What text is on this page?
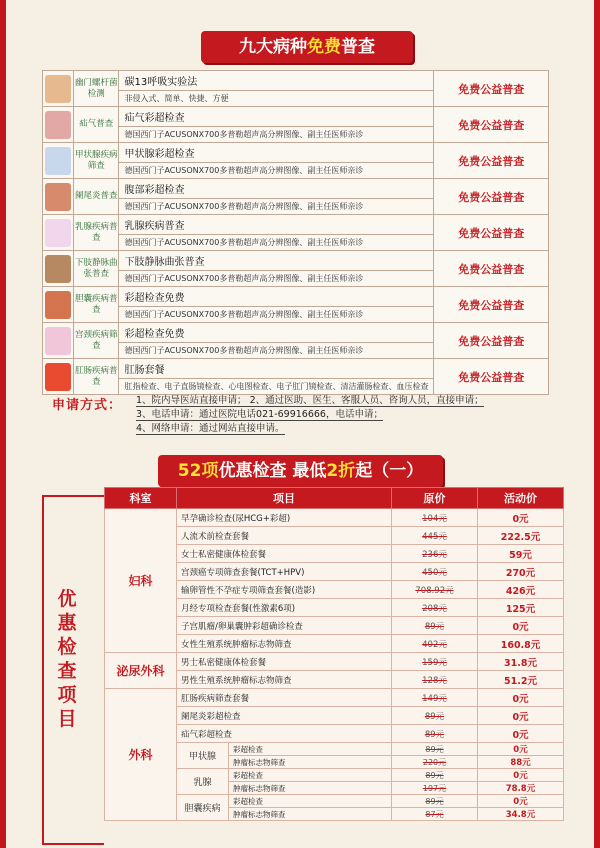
九大病种免费普查
	幽门螺杆菌检测	碳13呼吸实验法	免费公益普查
		非侵入式、简单、快捷、方便	

	疝气普查	疝气彩超检查	免费公益普查
		德国西门子ACUSONX700多普勒超声高分辨图像、副主任医师亲诊	

	甲状腺疾病筛查	甲状腺彩超检查	免费公益普查
		德国西门子ACUSONX700多普勒超声高分辨图像、副主任医师亲诊	

	阑尾炎普查	腹部彩超检查	免费公益普查
		德国西门子ACUSONX700多普勒超声高分辨图像、副主任医师亲诊	

	乳腺疾病普查	乳腺疾病普查	免费公益普查
		德国西门子ACUSONX700多普勒超声高分辨图像、副主任医师亲诊	

	下肢静脉曲张普查	下肢静脉曲张普查	免费公益普查
		德国西门子ACUSONX700多普勒超声高分辨图像、副主任医师亲诊	

	胆囊疾病普查	彩超检查免费	免费公益普查
		德国西门子ACUSONX700多普勒超声高分辨图像、副主任医师亲诊	

	宫颈疾病筛查	彩超检查免费	免费公益普查
		德国西门子ACUSONX700多普勒超声高分辨图像、副主任医师亲诊	

	肛肠疾病普查	肛肠套餐	免费公益普查
		肛指检查、电子直肠镜检查、心电图检查、电子肛门镜检查、清洁灌肠检查、血压检查	
申请方式： 1、院内导医站直接申请； 2、通过医助、医生、客服人员、咨询人员，直接申请；
3、电话申请：通过医院电话021-69916666，电话申请；
4、网络申请：通过网站直接申请。
52项优惠检查 最低2折起（一）
优惠检查项目
科室	项目		原价	活动价
妇科	早孕确诊检查(尿HCG+彩超)		104元	0元
	人流术前检查套餐		445元	222.5元
	女士私密健康体检套餐		236元	59元
	宫颈癌专项筛查套餐(TCT+HPV)		450元	270元
	输卵管性不孕症专项筛查套餐(造影)		708.92元	426元
	月经专项检查套餐(性激素6项)		208元	125元
	子宫肌瘤/卵巢囊肿彩超确诊检查		89元	0元
	女性生殖系统肿瘤标志物筛查		402元	160.8元
泌尿外科	男士私密健康体检套餐		159元	31.8元
	男性生殖系统肿瘤标志物筛查		128元	51.2元
外科	肛肠疾病筛查套餐		149元	0元
	阑尾炎彩超检查		89元	0元
	疝气彩超检查		89元	0元
	甲状腺	彩超检查	89元	0元
		肿瘤标志物筛查	220元	88元
	乳腺	彩超检查	89元	0元
		肿瘤标志物筛查	197元	78.8元
	胆囊疾病	彩超检查	89元	0元
		肿瘤标志物筛查	87元	34.8元
